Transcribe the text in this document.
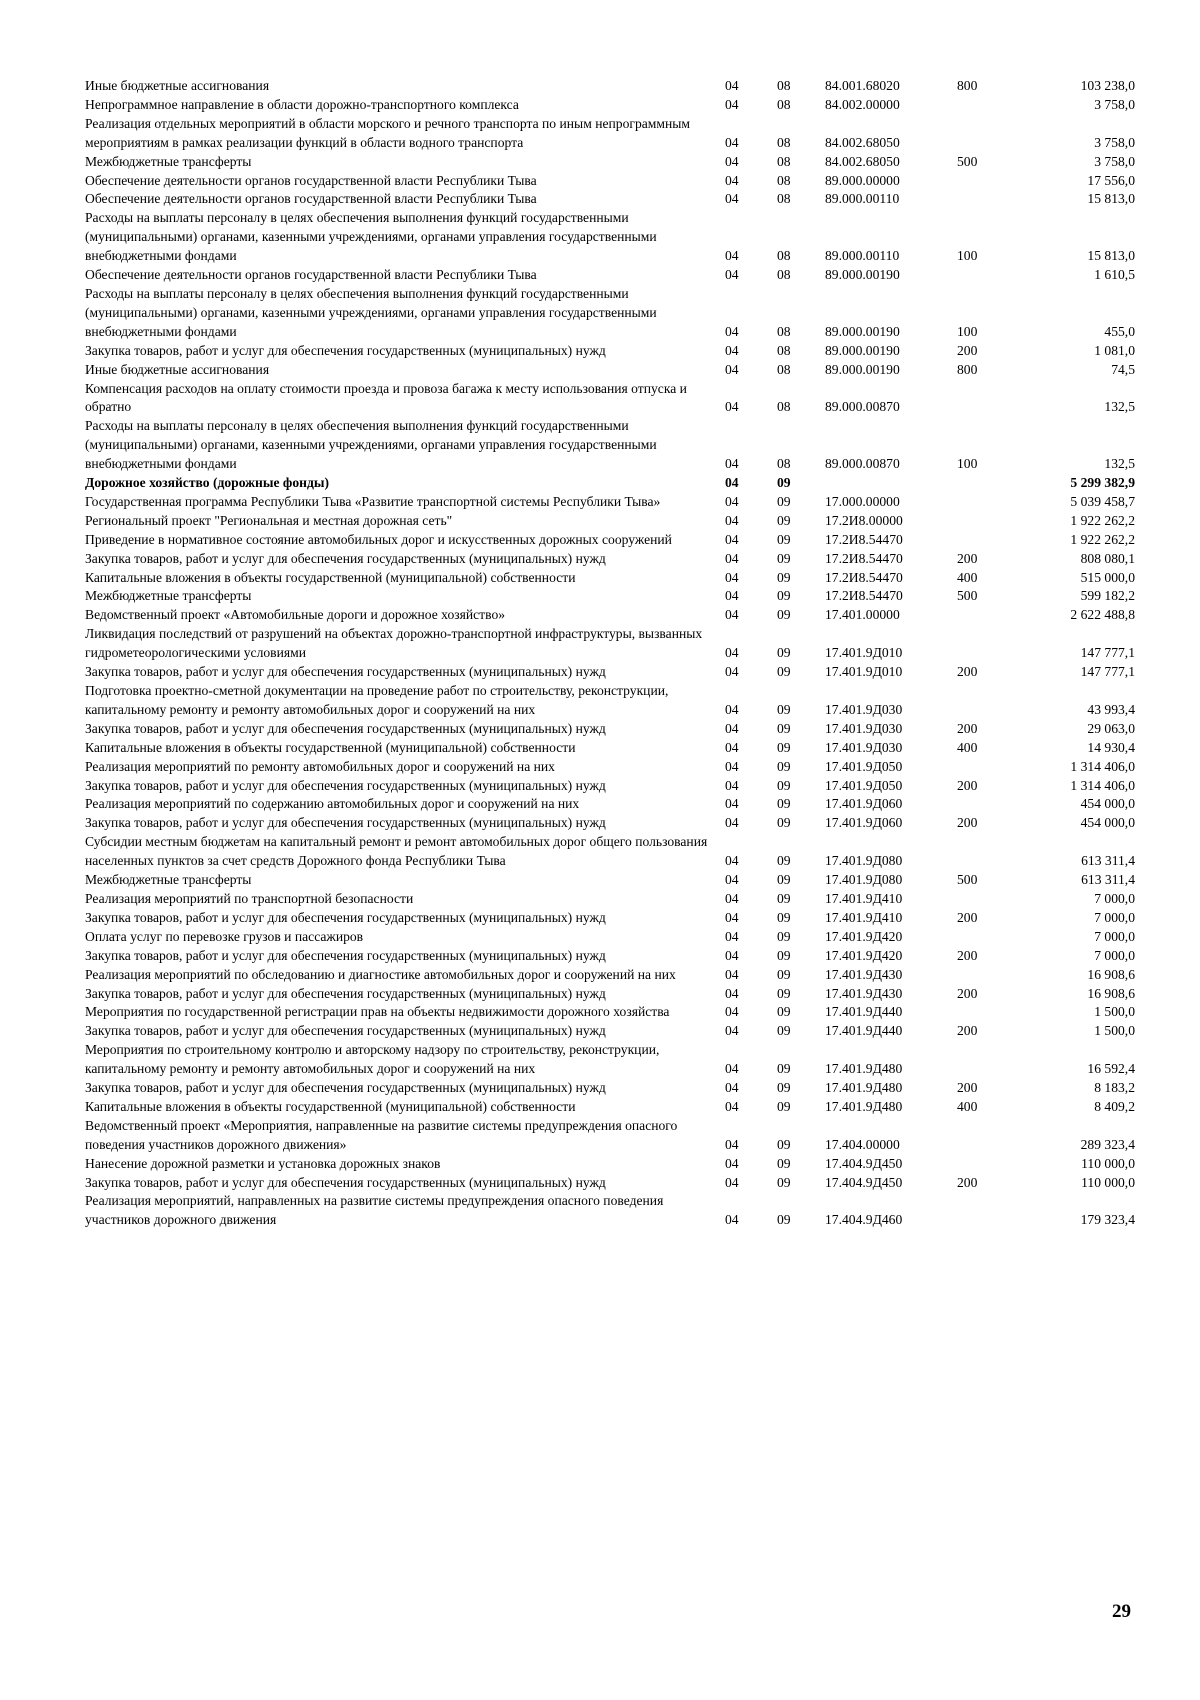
Иные бюджетные ассигнования	04	08	84.001.68020	800	103 238,0
Непрограммное направление в области дорожно-транспортного комплекса	04	08	84.002.00000		3 758,0
Реализация отдельных мероприятий в области морского и речного транспорта по иным непрограммным мероприятиям в рамках реализации функций в области водного транспорта	04	08	84.002.68050		3 758,0
Межбюджетные трансферты	04	08	84.002.68050	500	3 758,0
Обеспечение деятельности органов государственной власти Республики Тыва	04	08	89.000.00000		17 556,0
Обеспечение деятельности органов государственной власти Республики Тыва	04	08	89.000.00110		15 813,0
Расходы на выплаты персоналу в целях обеспечения выполнения функций государственными (муниципальными) органами, казенными учреждениями, органами управления государственными внебюджетными фондами	04	08	89.000.00110	100	15 813,0
Обеспечение деятельности органов государственной власти Республики Тыва	04	08	89.000.00190		1 610,5
Расходы на выплаты персоналу в целях обеспечения выполнения функций государственными (муниципальными) органами, казенными учреждениями, органами управления государственными внебюджетными фондами	04	08	89.000.00190	100	455,0
Закупка товаров, работ и услуг для обеспечения государственных (муниципальных) нужд	04	08	89.000.00190	200	1 081,0
Иные бюджетные ассигнования	04	08	89.000.00190	800	74,5
Компенсация расходов на оплату стоимости проезда и провоза багажа к месту использования отпуска и обратно	04	08	89.000.00870		132,5
Расходы на выплаты персоналу в целях обеспечения выполнения функций государственными (муниципальными) органами, казенными учреждениями, органами управления государственными внебюджетными фондами	04	08	89.000.00870	100	132,5
Дорожное хозяйство (дорожные фонды)	04	09			5 299 382,9
Государственная программа Республики Тыва «Развитие транспортной системы Республики Тыва»	04	09	17.000.00000		5 039 458,7
Региональный проект "Региональная и местная дорожная сеть"	04	09	17.2И8.00000		1 922 262,2
Приведение в нормативное состояние автомобильных дорог и искусственных дорожных сооружений	04	09	17.2И8.54470		1 922 262,2
Закупка товаров, работ и услуг для обеспечения государственных (муниципальных) нужд	04	09	17.2И8.54470	200	808 080,1
Капитальные вложения в объекты государственной (муниципальной) собственности	04	09	17.2И8.54470	400	515 000,0
Межбюджетные трансферты	04	09	17.2И8.54470	500	599 182,2
Ведомственный проект «Автомобильные дороги и дорожное хозяйство»	04	09	17.401.00000		2 622 488,8
Ликвидация последствий от разрушений на объектах дорожно-транспортной инфраструктуры, вызванных гидрометеорологическими условиями	04	09	17.401.9Д010		147 777,1
Закупка товаров, работ и услуг для обеспечения государственных (муниципальных) нужд	04	09	17.401.9Д010	200	147 777,1
Подготовка проектно-сметной документации на проведение работ по строительству, реконструкции, капитальному ремонту и ремонту автомобильных дорог и сооружений на них	04	09	17.401.9Д030		43 993,4
Закупка товаров, работ и услуг для обеспечения государственных (муниципальных) нужд	04	09	17.401.9Д030	200	29 063,0
Капитальные вложения в объекты государственной (муниципальной) собственности	04	09	17.401.9Д030	400	14 930,4
Реализация мероприятий по ремонту автомобильных дорог и сооружений на них	04	09	17.401.9Д050		1 314 406,0
Закупка товаров, работ и услуг для обеспечения государственных (муниципальных) нужд	04	09	17.401.9Д050	200	1 314 406,0
Реализация мероприятий по содержанию автомобильных дорог и сооружений на них	04	09	17.401.9Д060		454 000,0
Закупка товаров, работ и услуг для обеспечения государственных (муниципальных) нужд	04	09	17.401.9Д060	200	454 000,0
Субсидии местным бюджетам на капитальный ремонт и ремонт автомобильных дорог общего пользования населенных пунктов за счет средств Дорожного фонда Республики Тыва	04	09	17.401.9Д080		613 311,4
Межбюджетные трансферты	04	09	17.401.9Д080	500	613 311,4
Реализация мероприятий по транспортной безопасности	04	09	17.401.9Д410		7 000,0
Закупка товаров, работ и услуг для обеспечения государственных (муниципальных) нужд	04	09	17.401.9Д410	200	7 000,0
Оплата услуг по перевозке грузов и пассажиров	04	09	17.401.9Д420		7 000,0
Закупка товаров, работ и услуг для обеспечения государственных (муниципальных) нужд	04	09	17.401.9Д420	200	7 000,0
Реализация мероприятий по обследованию и диагностике автомобильных дорог и сооружений на них	04	09	17.401.9Д430		16 908,6
Закупка товаров, работ и услуг для обеспечения государственных (муниципальных) нужд	04	09	17.401.9Д430	200	16 908,6
Мероприятия по государственной регистрации прав на объекты недвижимости дорожного хозяйства	04	09	17.401.9Д440		1 500,0
Закупка товаров, работ и услуг для обеспечения государственных (муниципальных) нужд	04	09	17.401.9Д440	200	1 500,0
Мероприятия по строительному контролю и авторскому надзору по строительству, реконструкции, капитальному ремонту и ремонту автомобильных дорог и сооружений на них	04	09	17.401.9Д480		16 592,4
Закупка товаров, работ и услуг для обеспечения государственных (муниципальных) нужд	04	09	17.401.9Д480	200	8 183,2
Капитальные вложения в объекты государственной (муниципальной) собственности	04	09	17.401.9Д480	400	8 409,2
Ведомственный проект «Мероприятия, направленные на развитие системы предупреждения опасного поведения участников дорожного движения»	04	09	17.404.00000		289 323,4
Нанесение дорожной разметки и установка дорожных знаков	04	09	17.404.9Д450		110 000,0
Закупка товаров, работ и услуг для обеспечения государственных (муниципальных) нужд	04	09	17.404.9Д450	200	110 000,0
Реализация мероприятий, направленных на развитие системы предупреждения опасного поведения участников дорожного движения	04	09	17.404.9Д460		179 323,4
29
